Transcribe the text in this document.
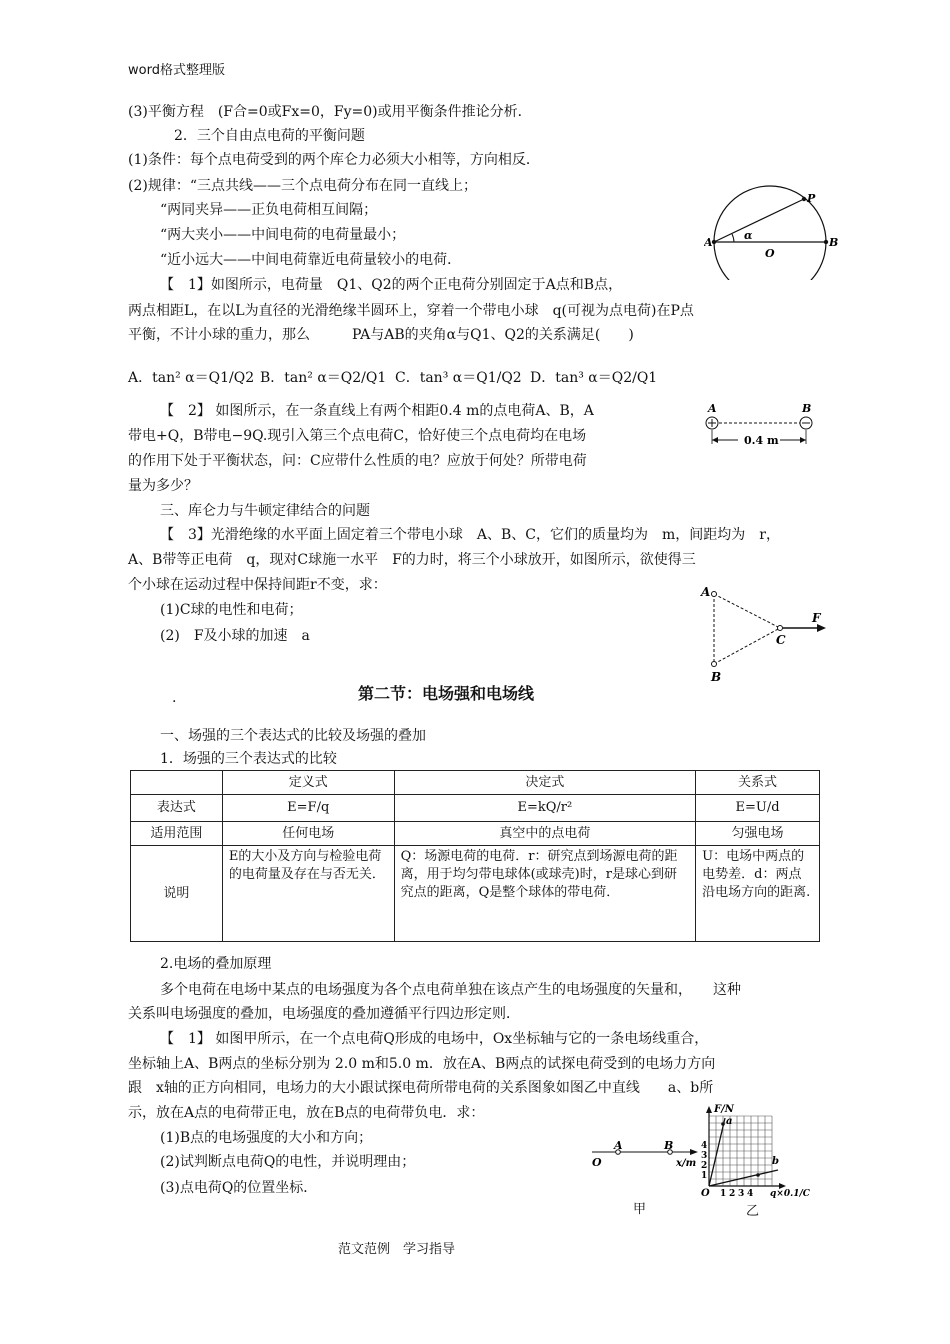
word格式整理版
(3)平衡方程　(F合=0或Fx=0，Fy=0)或用平衡条件推论分析．
　2．三个自由点电荷的平衡问题
(1)条件：每个点电荷受到的两个库仑力必须大小相等，方向相反．
(2)规律：“三点共线——三个点电荷分布在同一直线上；
“两同夹异——正负电荷相互间隔；
“两大夹小——中间电荷的电荷量最小；
“近小远大——中间电荷靠近电荷量较小的电荷．
【　1】如图所示，电荷量　Q1、Q2的两个正电荷分别固定于A点和B点，
两点相距L，在以L为直径的光滑绝缘半圆环上，穿着一个带电小球　q(可视为点电荷)在P点
平衡，不计小球的重力，那么　　　PA与AB的夹角α与Q1、Q2的关系满足(　　)
A．tan² α＝Q1/Q2 B．tan² α＝Q2/Q1 C．tan³ α＝Q1/Q2 D．tan³ α＝Q2/Q1
【　2】 如图所示，在一条直线上有两个相距0.4 m的点电荷A、B，A
带电+Q，B带电−9Q.现引入第三个点电荷C，恰好使三个点电荷均在电场
的作用下处于平衡状态，问：C应带什么性质的电？应放于何处？所带电荷
量为多少？
三、库仑力与牛顿定律结合的问题
【　3】光滑绝缘的水平面上固定着三个带电小球　A、B、C，它们的质量均为　m，间距均为　r，
A、B带等正电荷　q，现对C球施一水平　F的力时，将三个小球放开，如图所示，欲使得三
个小球在运动过程中保持间距r不变，求：
(1)C球的电性和电荷；
(2)　F及小球的加速　a
.	第二节：电场强和电场线
一、场强的三个表达式的比较及场强的叠加
1．场强的三个表达式的比较
	定义式	决定式	关系式
表达式	E=F/q	E=kQ/r²	E=U/d
适用范围	任何电场	真空中的点电荷	匀强电场
说明	E的大小及方向与检验电荷的电荷量及存在与否无关．	Q：场源电荷的电荷．r：研究点到场源电荷的距离，用于均匀带电球体(或球壳)时，r是球心到研究点的距离，Q是整个球体的带电荷．	U：电场中两点的电势差．d：两点沿电场方向的距离.
2.电场的叠加原理
多个电荷在电场中某点的电场强度为各个点电荷单独在该点产生的电场强度的矢量和，　　这种
关系叫电场强度的叠加，电场强度的叠加遵循平行四边形定则．
【　1】 如图甲所示，在一个点电荷Q形成的电场中，Ox坐标轴与它的一条电场线重合，
坐标轴上A、B两点的坐标分别为 2.0 m和5.0 m．放在A、B两点的试探电荷受到的电场力方向
跟　x轴的正方向相同，电场力的大小跟试探电荷所带电荷的关系图象如图乙中直线　　a、b所
示，放在A点的电荷带正电，放在B点的电荷带负电．求：
(1)B点的电场强度的大小和方向；
(2)试判断点电荷Q的电性，并说明理由；
(3)点电荷Q的位置坐标．
P
A
O
B
α
A	B
0.4 m
A
B
C
F
O
A	B
x/m
甲
F/N
a
b
4
3
2
1
O 1 2 3 4 q×0.1/C
乙
范文范例　学习指导
